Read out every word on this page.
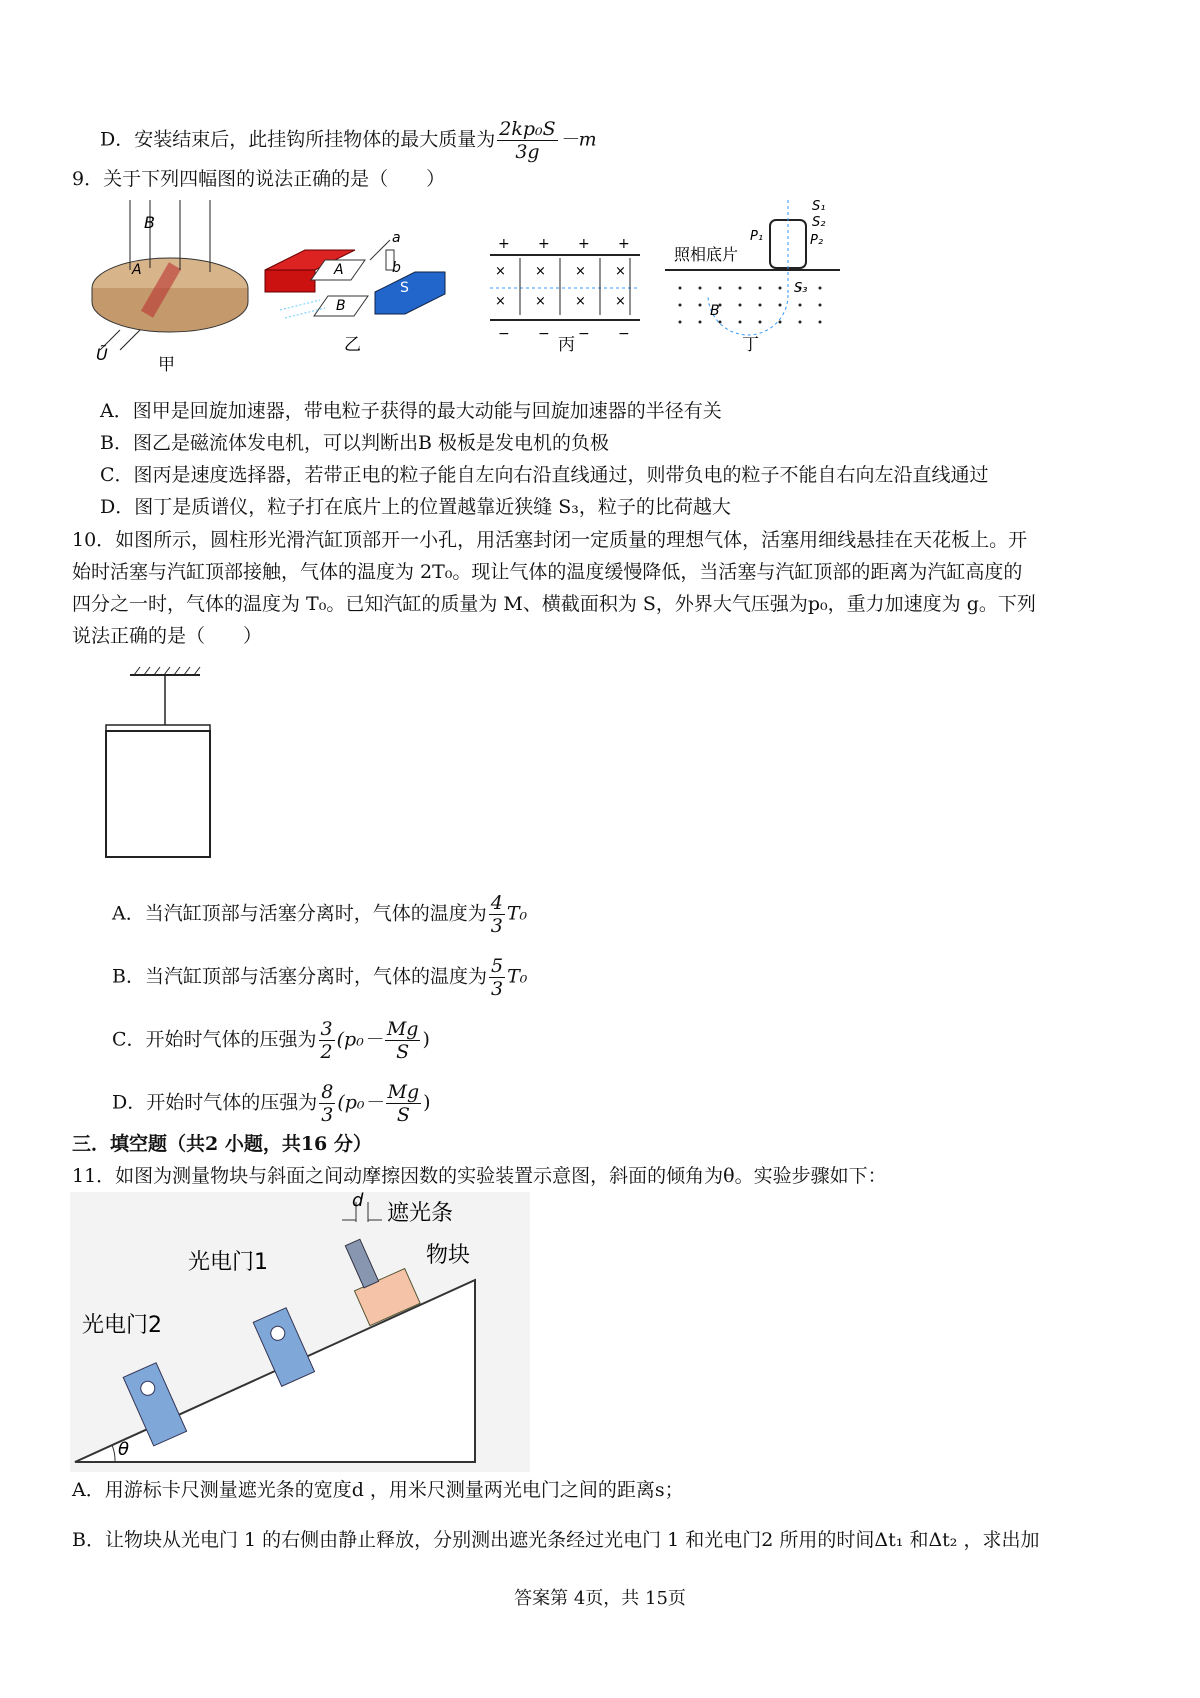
D．安装结束后，此挂钩所挂物体的最大质量为 $\frac{\text{2kp₀S}}{3g} -m$
9．关于下列四幅图的说法正确的是（　　）
B
A
Ũ
甲
a
b
A
B
S
乙
+ + + +
− − − −
× × × ×
× × × ×
丙
照相底片
S₁
S₂
S₃
P₁	P₂
B
丁
A．图甲是回旋加速器，带电粒子获得的最大动能与回旋加速器的半径有关
B．图乙是磁流体发电机，可以判断出B 极板是发电机的负极
C．图丙是速度选择器，若带正电的粒子能自左向右沿直线通过，则带负电的粒子不能自右向左沿直线通过
D．图丁是质谱仪，粒子打在底片上的位置越靠近狭缝 S₃，粒子的比荷越大
10．如图所示，圆柱形光滑汽缸顶部开一小孔，用活塞封闭一定质量的理想气体，活塞用细线悬挂在天花板上。开
始时活塞与汽缸顶部接触，气体的温度为 2T₀。现让气体的温度缓慢降低，当活塞与汽缸顶部的距离为汽缸高度的
四分之一时，气体的温度为 T₀。已知汽缸的质量为 M、横截面积为 S，外界大气压强为p₀，重力加速度为 g。下列
说法正确的是（　　）
A．当汽缸顶部与活塞分离时，气体的温度为 $\frac{4}{3} T_0$
B．当汽缸顶部与活塞分离时，气体的温度为 $\frac{5}{3} T_0$
C．开始时气体的压强为 $\frac{3}{2} (p_0- \frac{Mg}{S}$ )
D．开始时气体的压强为 $\frac{8}{3} (p_0- \frac{Mg}{S}$ )
三．填空题（共2 小题，共16 分）
11．如图为测量物块与斜面之间动摩擦因数的实验装置示意图，斜面的倾角为θ。实验步骤如下：
光电门2
光电门1
遮光条
物块
d
θ
A．用游标卡尺测量遮光条的宽度d ，用米尺测量两光电门之间的距离s；
B．让物块从光电门 1 的右侧由静止释放，分别测出遮光条经过光电门 1 和光电门2 所用的时间Δt₁ 和Δt₂ ，求出加
答案第 4页，共 15页
